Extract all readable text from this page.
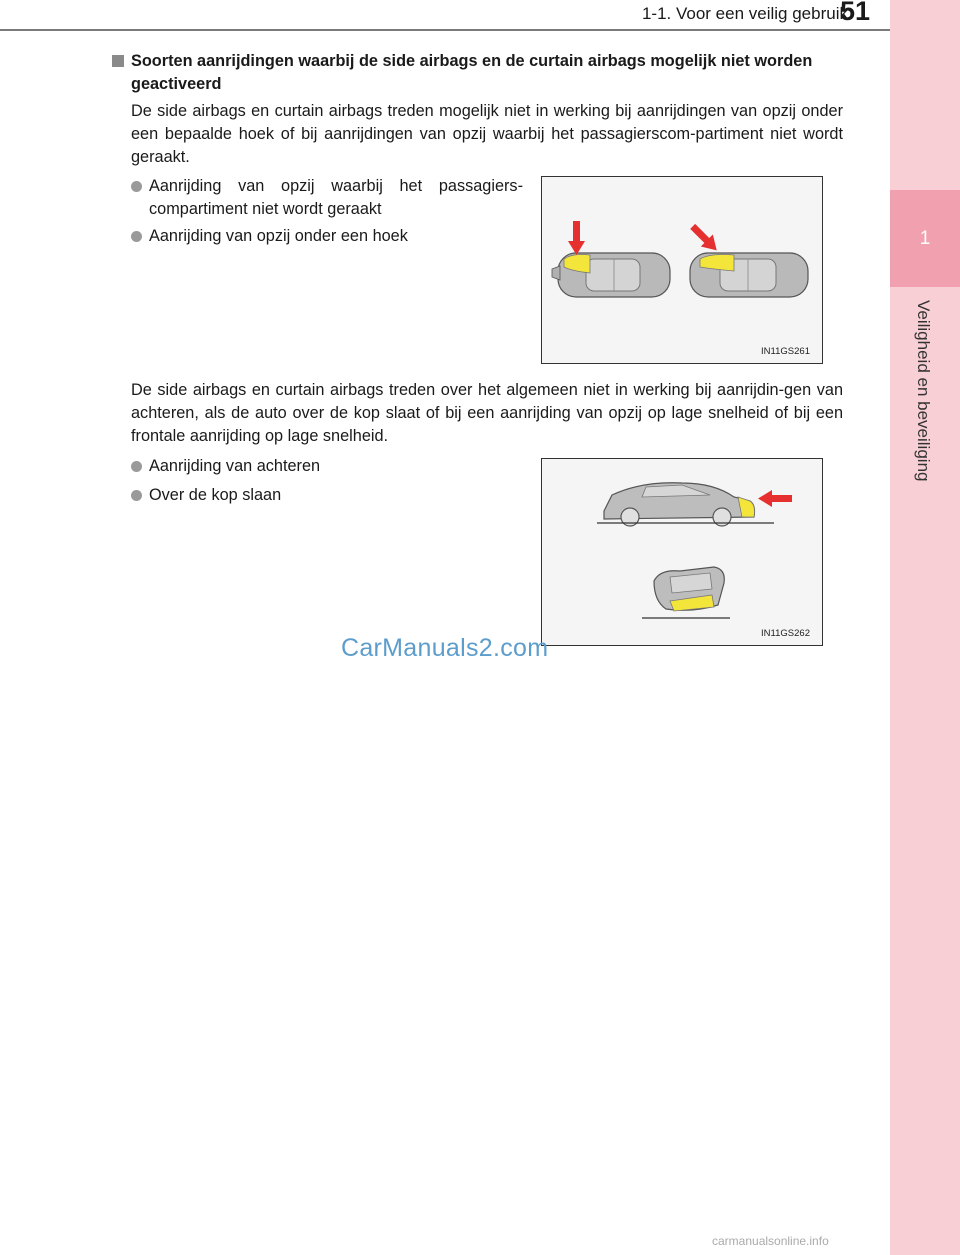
1
Veiligheid en beveiliging
1-1. Voor een veilig gebruik
51
Soorten aanrijdingen waarbij de side airbags en de curtain airbags mogelijk niet worden geactiveerd
De side airbags en curtain airbags treden mogelijk niet in werking bij aanrijdingen van opzij onder een bepaalde hoek of bij aanrijdingen van opzij waarbij het passagierscom-partiment niet wordt geraakt.
Aanrijding van opzij waarbij het passagiers-compartiment niet wordt geraakt
Aanrijding van opzij onder een hoek
IN11GS261
De side airbags en curtain airbags treden over het algemeen niet in werking bij aanrijdin-gen van achteren, als de auto over de kop slaat of bij een aanrijding van opzij op lage snelheid of bij een frontale aanrijding op lage snelheid.
Aanrijding van achteren
Over de kop slaan
IN11GS262
CarManuals2.com
carmanualsonline.info
